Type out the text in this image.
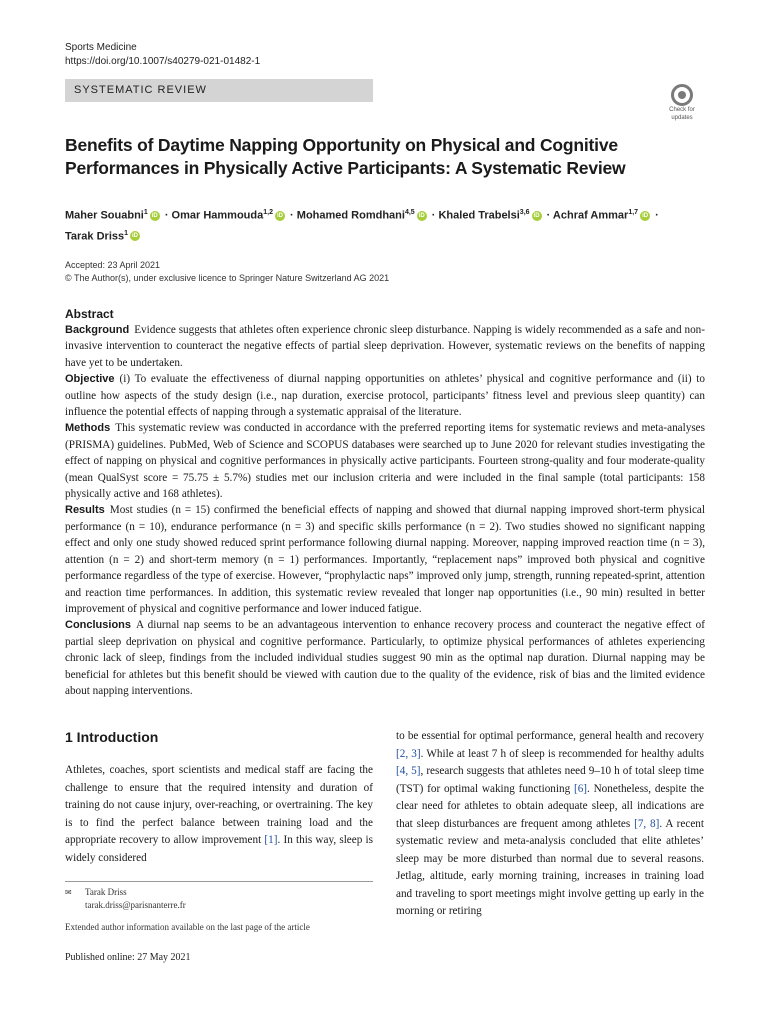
Sports Medicine
https://doi.org/10.1007/s40279-021-01482-1
SYSTEMATIC REVIEW
Check for
updates
Benefits of Daytime Napping Opportunity on Physical and Cognitive Performances in Physically Active Participants: A Systematic Review
Maher Souabni$^1$ iD · Omar Hammouda$^{1,2}$ iD · Mohamed Romdhani$^{4,5}$ iD · Khaled Trabelsi$^{3,6}$ iD · Achraf Ammar$^{1,7}$ iD ·
Tarak Driss$^1$ iD
Accepted: 23 April 2021
© The Author(s), under exclusive licence to Springer Nature Switzerland AG 2021
Abstract

Background Evidence suggests that athletes often experience chronic sleep disturbance. Napping is widely recommended as a safe and non-invasive intervention to counteract the negative effects of partial sleep deprivation. However, systematic reviews on the benefits of napping have yet to be undertaken.

Objective (i) To evaluate the effectiveness of diurnal napping opportunities on athletes’ physical and cognitive performance and (ii) to outline how aspects of the study design (i.e., nap duration, exercise protocol, participants’ fitness level and previous sleep quantity) can influence the potential effects of napping through a systematic appraisal of the literature.

Methods This systematic review was conducted in accordance with the preferred reporting items for systematic reviews and meta-analyses (PRISMA) guidelines. PubMed, Web of Science and SCOPUS databases were searched up to June 2020 for relevant studies investigating the effect of napping on physical and cognitive performances in physically active participants. Fourteen strong-quality and four moderate-quality (mean QualSyst score = 75.75 ± 5.7%) studies met our inclusion criteria and were included in the final sample (total participants: 158 physically active and 168 athletes).

Results Most studies (n = 15) confirmed the beneficial effects of napping and showed that diurnal napping improved short-term physical performance (n = 10), endurance performance (n = 3) and specific skills performance (n = 2). Two studies showed no significant napping effect and only one study showed reduced sprint performance following diurnal napping. Moreover, napping improved reaction time (n = 3), attention (n = 2) and short-term memory (n = 1) performances. Importantly, “replacement naps” improved both physical and cognitive performance regardless of the type of exercise. However, “prophylactic naps” improved only jump, strength, running repeated-sprint, attention and reaction time performances. In addition, this systematic review revealed that longer nap opportunities (i.e., 90 min) resulted in better improvement of physical and cognitive performance and lower induced fatigue.

Conclusions A diurnal nap seems to be an advantageous intervention to enhance recovery process and counteract the negative effect of partial sleep deprivation on physical and cognitive performance. Particularly, to optimize physical performances of athletes experiencing chronic lack of sleep, findings from the included individual studies suggest 90 min as the optimal nap duration. Diurnal napping may be beneficial for athletes but this benefit should be viewed with caution due to the quality of the evidence, risk of bias and the limited evidence about napping interventions.

1 Introduction

Athletes, coaches, sport scientists and medical staff are facing the challenge to ensure that the required intensity and duration of training do not cause injury, over-reaching, or overtraining. The key is to find the perfect balance between training load and the appropriate recovery to allow improvement [1]. In this way, sleep is widely considered

to be essential for optimal performance, general health and recovery [2, 3]. While at least 7 h of sleep is recommended for healthy adults [4, 5], research suggests that athletes need 9–10 h of total sleep time (TST) for optimal waking functioning [6]. Nonetheless, despite the clear need for athletes to obtain adequate sleep, all indications are that sleep disturbances are frequent among athletes [7, 8]. A recent systematic review and meta-analysis concluded that elite athletes’ sleep may be more disturbed than normal due to several reasons. Jetlag, altitude, early morning training, increases in training load and traveling to sport meetings might involve getting up early in the morning or retiring

✉ Tarak Driss
tarak.driss@parisnanterre.fr
Extended author information available on the last page of the article
Published online: 27 May 2021
